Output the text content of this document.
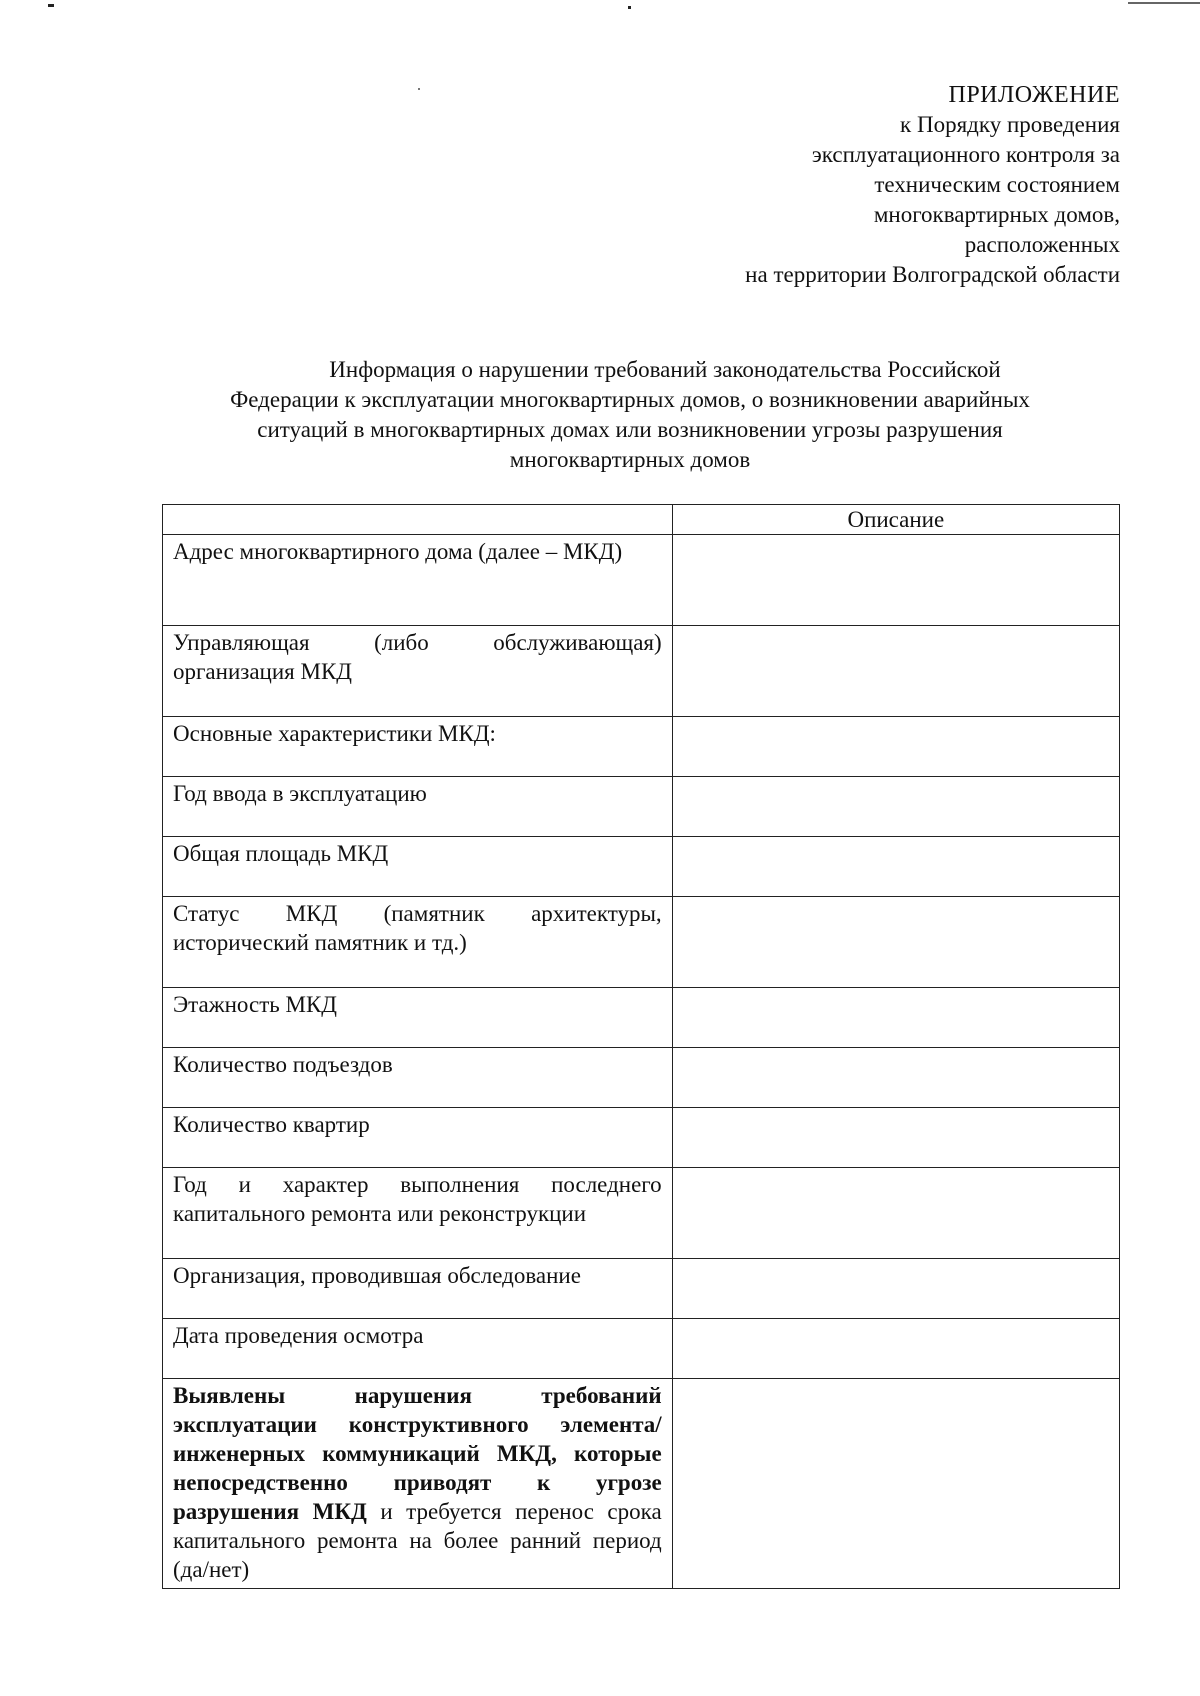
ПРИЛОЖЕНИЕ
к Порядку проведения
эксплуатационного контроля за
техническим состоянием
многоквартирных домов,
расположенных
на территории Волгоградской области
Информация о нарушении требований законодательства Российской
Федерации к эксплуатации многоквартирных домов, о возникновении аварийных
ситуаций в многоквартирных домах или возникновении угрозы разрушения
многоквартирных домов
	Описание
Адрес многоквартирного дома (далее – МКД)	
Управляющая (либо обслуживающая) организация МКД	
Основные характеристики МКД:	
Год ввода в эксплуатацию	
Общая площадь МКД	
Статус МКД (памятник архитектуры, исторический памятник и тд.)	
Этажность МКД	
Количество подъездов	
Количество квартир	
Год и характер выполнения последнего капитального ремонта или реконструкции	
Организация, проводившая обследование	
Дата проведения осмотра	
Выявлены нарушения требований эксплуатации конструктивного элемента/инженерных коммуникаций МКД, которые непосредственно приводят к угрозе разрушения МКД и требуется перенос срока капитального ремонта на более ранний период (да/нет)	
